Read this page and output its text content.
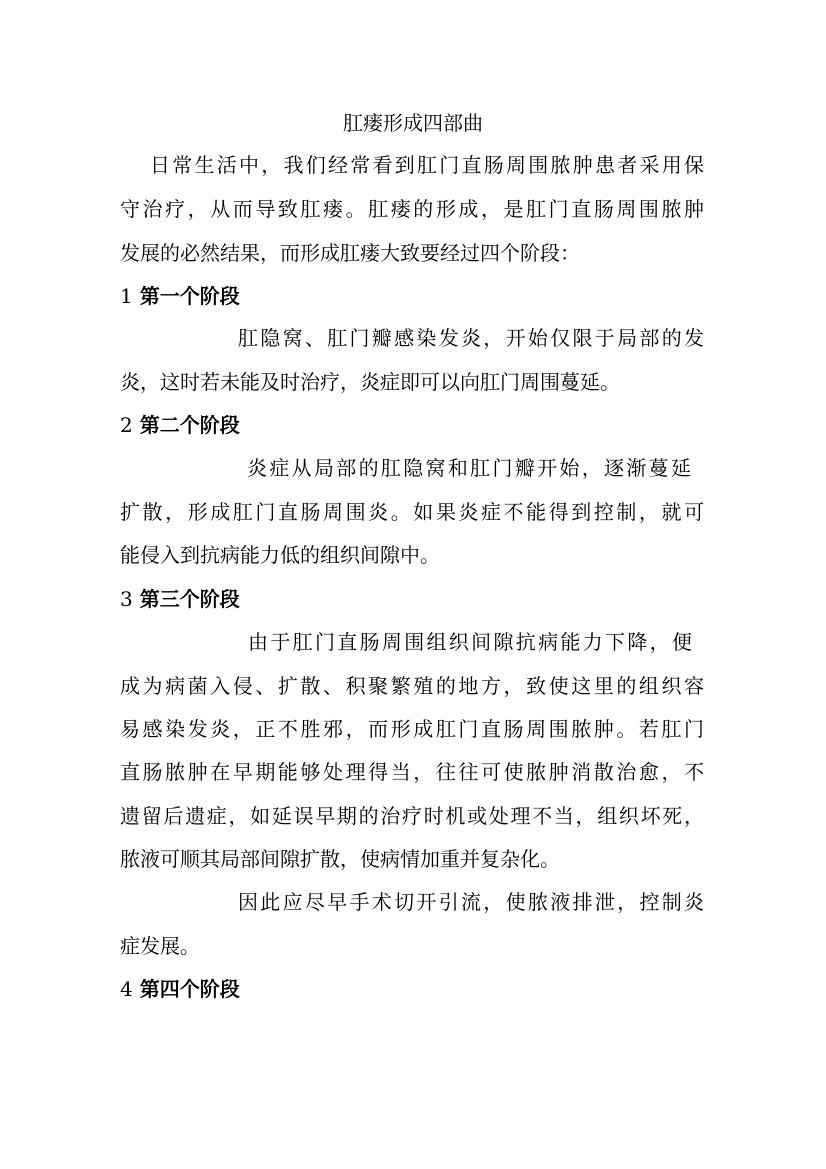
肛瘘形成四部曲
日常生活中，我们经常看到肛门直肠周围脓肿患者采用保
守治疗，从而导致肛瘘。肛瘘的形成，是肛门直肠周围脓肿
发展的必然结果，而形成肛瘘大致要经过四个阶段：
1 第一个阶段
肛隐窝、肛门瓣感染发炎，开始仅限于局部的发
炎，这时若未能及时治疗，炎症即可以向肛门周围蔓延。
2 第二个阶段
炎症从局部的肛隐窝和肛门瓣开始，逐渐蔓延
扩散，形成肛门直肠周围炎。如果炎症不能得到控制，就可
能侵入到抗病能力低的组织间隙中。
3 第三个阶段
由于肛门直肠周围组织间隙抗病能力下降，便
成为病菌入侵、扩散、积聚繁殖的地方，致使这里的组织容
易感染发炎，正不胜邪，而形成肛门直肠周围脓肿。若肛门
直肠脓肿在早期能够处理得当，往往可使脓肿消散治愈，不
遗留后遗症，如延误早期的治疗时机或处理不当，组织坏死，
脓液可顺其局部间隙扩散，使病情加重并复杂化。
因此应尽早手术切开引流，使脓液排泄，控制炎
症发展。
4 第四个阶段
